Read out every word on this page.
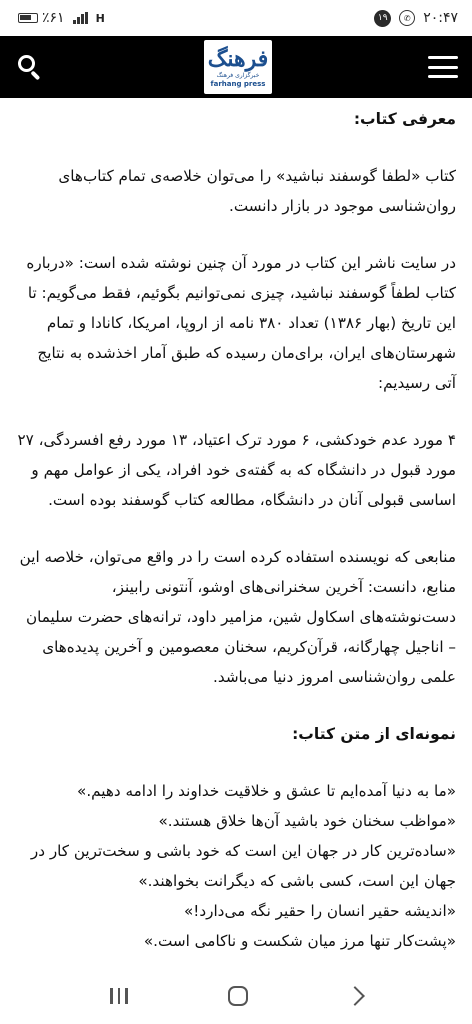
٪۶۱	H	۱۹	✆ ۲۰:۴۷
فرهنگ
خبرگزاری فرهنگ
farhang press
معرفی کتاب:

کتاب «لطفا گوسفند نباشید» را می‌توان خلاصه‌ی تمام کتاب‌های روان‌شناسی موجود در بازار دانست.

در سایت ناشر این کتاب در مورد آن چنین نوشته شده است: «درباره کتاب لطفاً گوسفند نباشید، چیزی نمی‌توانیم بگوئیم، فقط می‌گویم: تا این تاریخ (بهار ۱۳۸۶) تعداد ۳۸۰ نامه از اروپا، امریکا، کانادا و تمام شهرستان‌های ایران، برای‌مان رسیده که طبق آمار اخذشده به نتایج آتی رسیدیم:

۴ مورد عدم خودکشی، ۶ مورد ترک اعتیاد، ۱۳ مورد رفع افسردگی، ۲۷ مورد قبول در دانشگاه که به گفته‌ی خود افراد، یکی از عوامل مهم و اساسی قبولی آنان در دانشگاه، مطالعه کتاب گوسفند بوده است.

منابعی که نویسنده استفاده کرده است را در واقع می‌توان، خلاصه این منابع، دانست: آخرین سخنرانی‌های اوشو، آنتونی رابینز، دست‌نوشته‌های اسکاول شین، مزامیر داود، ترانه‌های حضرت سلیمان – اناجیل چهارگانه، قرآن‌کریم، سخنان معصومین و آخرین پدیده‌های علمی روان‌شناسی امروز دنیا می‌باشد.

نمونه‌ای از متن کتاب:
«ما به دنیا آمده‌ایم تا عشق و خلاقیت خداوند را ادامه دهیم.»
«مواظب سخنان خود باشید آن‌ها خلاق هستند.»
«ساده‌ترین کار در جهان این است که خود باشی و سخت‌ترین کار در جهان این است، کسی باشی که دیگرانت بخواهند.»
«اندیشه حقیر انسان را حقیر نگه می‌دارد!»
«پشت‌کار تنها مرز میان شکست و ناکامی است.»
